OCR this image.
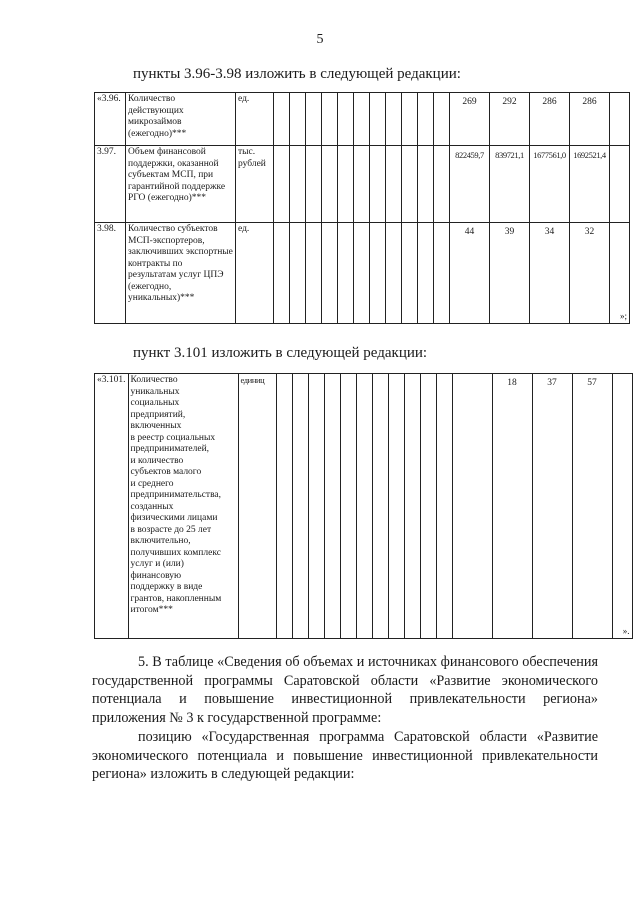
5
пункты 3.96-3.98 изложить в следующей редакции:
«3.96.	Количество действующих микрозаймов (ежегодно)***	ед.												269	292	286	286	
3.97.	Объем финансовой поддержки, оказанной субъектам МСП, при гарантийной поддержке РГО (ежегодно)***	тыс. рублей												822459,7	839721,1	1677561,0	1692521,4	
3.98.	Количество субъектов МСП-экспортеров, заключивших экспортные контракты по результатам услуг ЦПЭ (ежегодно, уникальных)***	ед.												44	39	34	32	»;
пункт 3.101 изложить в следующей редакции:
«3.101.	Количество
уникальных
социальных
предприятий,
включенных
в реестр социальных
предпринимателей,
и количество
субъектов малого
и среднего
предпринимательства,
созданных
физическими лицами
в возрасте до 25 лет
включительно,
получивших комплекс
услуг и (или)
финансовую
поддержку в виде
грантов, накопленным
итогом***
	единиц													18	37	57	».

5. В таблице «Сведения об объемах и источниках финансового обеспечения государственной программы Саратовской области «Развитие экономического потенциала и повышение инвестиционной привлекательности региона» приложения № 3 к государственной программе:

позицию «Государственная программа Саратовской области «Развитие экономического потенциала и повышение инвестиционной привлекательности региона» изложить в следующей редакции:
